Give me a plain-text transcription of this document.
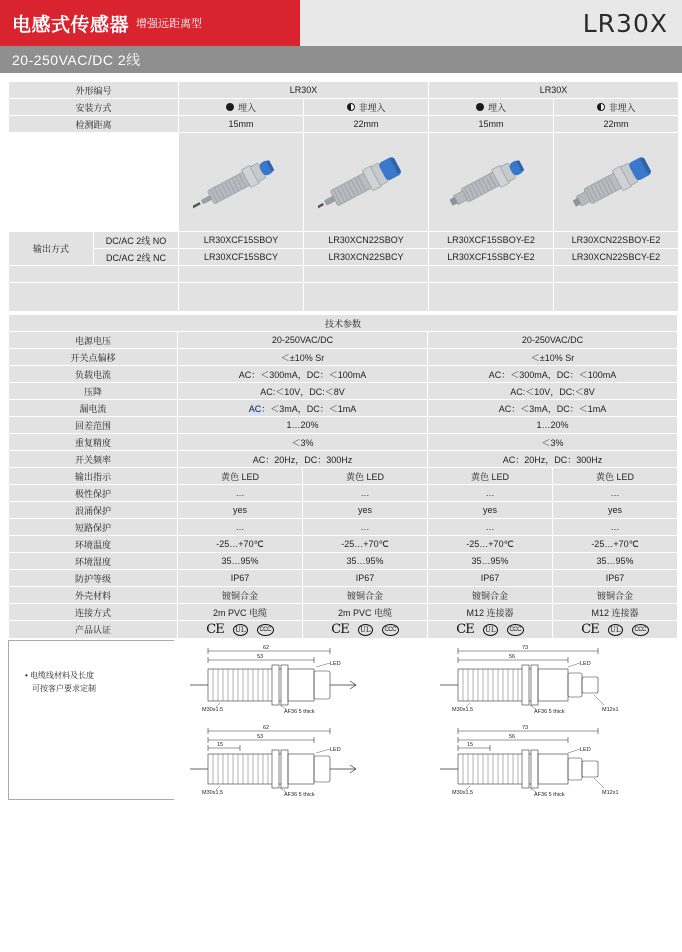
电感式传感器 增强远距离型	LR30X
20-250VAC/DC 2线
外形编号		LR30X		LR30X	
安装方式		埋入	非埋入	埋入	非埋入

检测距离		15mm	22mm	15mm	22mm

输出方式	DC/AC 2线 NO	LR30XCF15SBOY	LR30XCN22SBOY	LR30XCF15SBOY-E2	LR30XCN22SBOY-E2
	DC/AC 2线 NC	LR30XCF15SBCY	LR30XCN22SBCY	LR30XCF15SBCY-E2	LR30XCN22SBCY-E2

技术参数				
电源电压	20-250VAC/DC		20-250VAC/DC	
开关点偏移	＜±10% Sr		＜±10% Sr	
负载电流	AC：＜300mA，DC：＜100mA		AC：＜300mA，DC：＜100mA	
压降	AC:＜10V，DC:＜8V		AC:＜10V，DC:＜8V	
漏电流	AC：＜3mA，DC：＜1mA		AC：＜3mA，DC：＜1mA	
回差范围	1…20%		1…20%	
重复精度	＜3%		＜3%	
开关频率	AC：20Hz，DC：300Hz		AC：20Hz，DC：300Hz	
输出指示	黄色 LED	黄色 LED	黄色 LED	黄色 LED
极性保护	…	…	…	…
浪涌保护	yes	yes	yes	yes
短路保护	…	…	…	…
环境温度	-25…+70℃	-25…+70℃	-25…+70℃	-25…+70℃
环境湿度	35…95%	35…95%	35…95%	35…95%
防护等级	IP67	IP67	IP67	IP67
外壳材料	镀铜合金	镀铜合金	镀铜合金	镀铜合金
连接方式	2m PVC 电缆	2m PVC 电缆	M12 连接器	M12 连接器
产品认证	CE UL CCC	CE UL CCC	CE UL CCC	CE UL CCC
• 电缆线材料及长度
可按客户要求定制
62
53
LED
M30x1.5	AF36 5 thick
62
53
15
LED
M30x1.5	AF36 5 thick
73
56
LED
M12x1
M30x1.5	AF36 5 thick
73
56
15
LED
M12x1
M30x1.5	AF36 5 thick
